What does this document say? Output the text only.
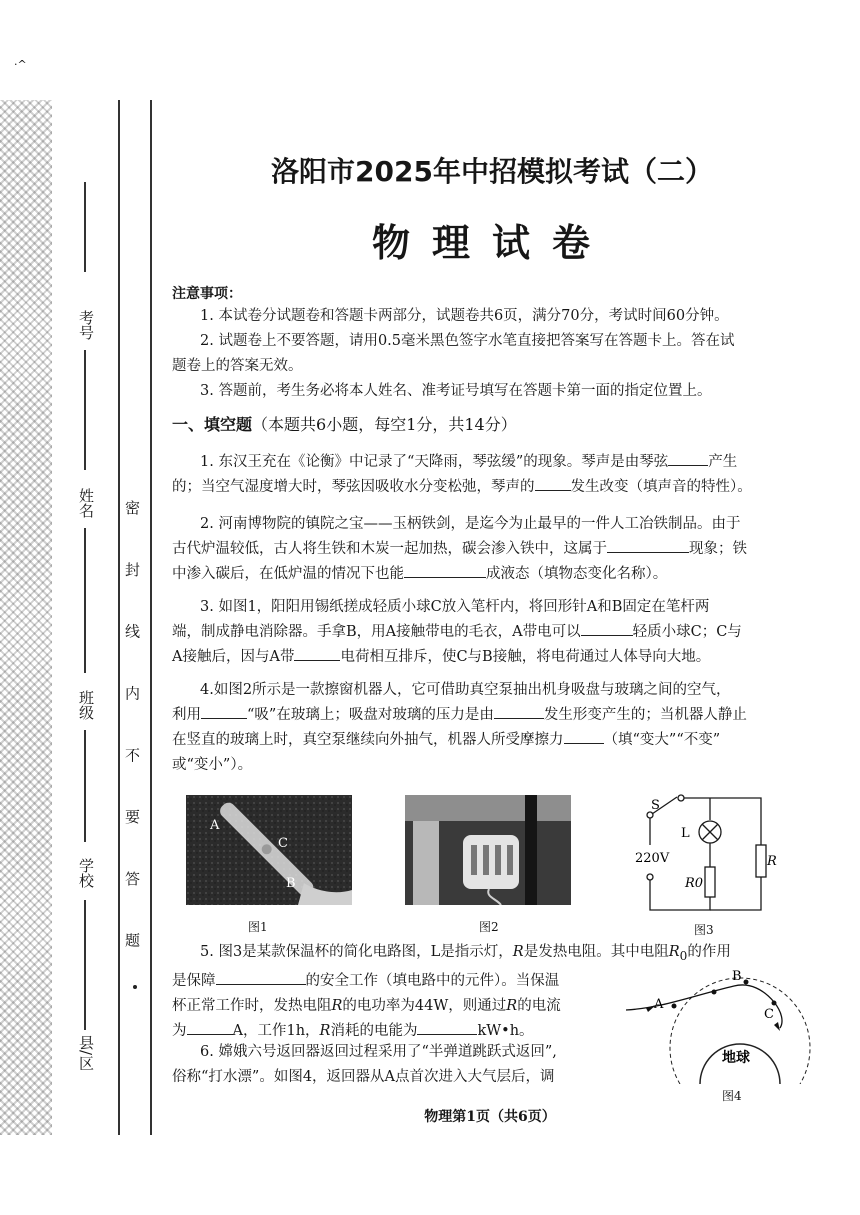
·^
考号
姓名
班级
学校
县/区
密 封 线 内 不 要 答 题
洛阳市2025年中招模拟考试（二）
物理试卷
注意事项：
1. 本试卷分试题卷和答题卡两部分，试题卷共6页，满分70分，考试时间60分钟。
2. 试题卷上不要答题，请用0.5毫米黑色签字水笔直接把答案写在答题卡上。答在试
题卷上的答案无效。
3. 答题前，考生务必将本人姓名、准考证号填写在答题卡第一面的指定位置上。
一、填空题（本题共6小题，每空1分，共14分）

1. 东汉王充在《论衡》中记录了“天降雨，琴弦缓”的现象。琴声是由琴弦	产生

的；当空气湿度增大时，琴弦因吸收水分变松弛，琴声的 发生改变（填声音的特性）。

2. 河南博物院的镇院之宝——玉柄铁剑，是迄今为止最早的一件人工冶铁制品。由于

古代炉温较低，古人将生铁和木炭一起加热，碳会渗入铁中，这属于	现象；铁

中渗入碳后，在低炉温的情况下也能	成液态（填物态变化名称）。

3. 如图1，阳阳用锡纸搓成轻质小球C放入笔杆内，将回形针A和B固定在笔杆两

端，制成静电消除器。手拿B，用A接触带电的毛衣，A带电可以	轻质小球C；C与

A接触后，因与A带	电荷相互排斥，使C与B接触，将电荷通过人体导向大地。

4.如图2所示是一款擦窗机器人，它可借助真空泵抽出机身吸盘与玻璃之间的空气，

利用	“吸”在玻璃上；吸盘对玻璃的压力是由	发生形变产生的；当机器人静止

在竖直的玻璃上时，真空泵继续向外抽气，机器人所受摩擦力	（填“变大”“不变”

或“变小”）。

A
C
B
图1	图2
S
L
220V	R
R0
图3

5. 图3是某款保温杯的简化电路图，L是指示灯，R是发热电阻。其中电阻$R_0$的作用

是保障	的安全工作（填电路中的元件）。当保温

杯正常工作时，发热电阻R的电功率为44W，则通过R的电流

为	A，工作1h，R消耗的电能为	kW•h。

6. 嫦娥六号返回器返回过程采用了“半弹道跳跃式返回”,

俗称“打水漂”。如图4，返回器从A点首次进入大气层后，调

A
B
C
地球
图4
物理第1页（共6页）
